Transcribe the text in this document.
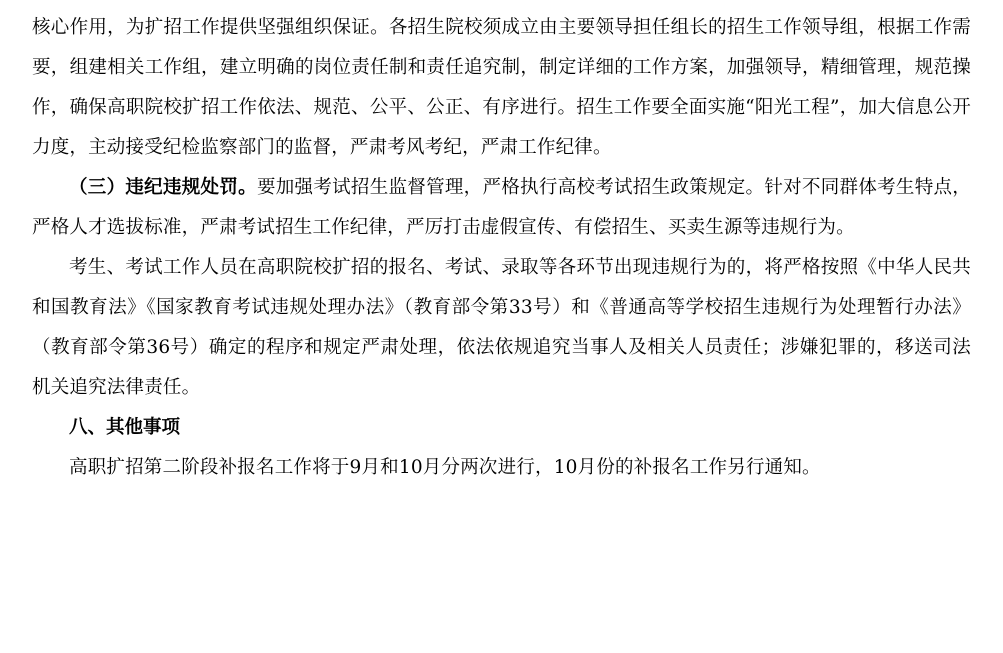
核心作用，为扩招工作提供坚强组织保证。各招生院校须成立由主要领导担任组长的招生工作领导组，根据工作需要，组建相关工作组，建立明确的岗位责任制和责任追究制，制定详细的工作方案，加强领导，精细管理，规范操作，确保高职院校扩招工作依法、规范、公平、公正、有序进行。招生工作要全面实施“阳光工程”，加大信息公开力度，主动接受纪检监察部门的监督，严肃考风考纪，严肃工作纪律。

（三）违纪违规处罚。要加强考试招生监督管理，严格执行高校考试招生政策规定。针对不同群体考生特点，严格人才选拔标准，严肃考试招生工作纪律，严厉打击虚假宣传、有偿招生、买卖生源等违规行为。

考生、考试工作人员在高职院校扩招的报名、考试、录取等各环节出现违规行为的，将严格按照《中华人民共和国教育法》《国家教育考试违规处理办法》（教育部令第33号）和《普通高等学校招生违规行为处理暂行办法》（教育部令第36号）确定的程序和规定严肃处理，依法依规追究当事人及相关人员责任；涉嫌犯罪的，移送司法机关追究法律责任。

八、其他事项

高职扩招第二阶段补报名工作将于9月和10月分两次进行，10月份的补报名工作另行通知。
